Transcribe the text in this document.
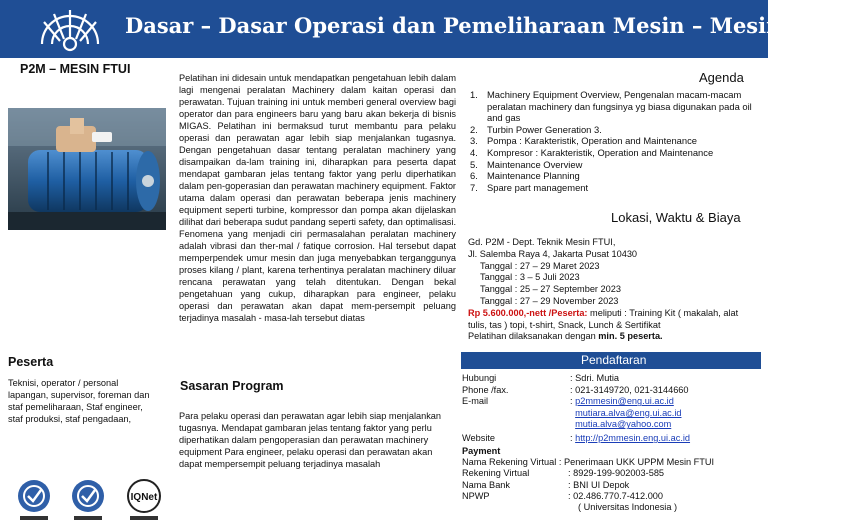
Dasar – Dasar Operasi dan Pemeliharaan Mesin – Mesin Rotasi
P2M – MESIN FTUI
Pelatihan ini didesain untuk mendapatkan pengetahuan lebih dalam lagi mengenai peralatan Machinery dalam kaitan operasi dan perawatan. Tujuan training ini untuk memberi general overview bagi operator dan para engineers baru yang baru akan bekerja di bisnis MIGAS. Pelatihan ini bermaksud turut membantu para pelaku operasi dan perawatan agar lebih siap menjalankan tugasnya. Dengan pengetahuan dasar tentang peralatan machinery yang disampaikan da-lam training ini, diharapkan para peserta dapat mendapat gambaran jelas tentang faktor yang perlu diperhatikan dalam pen-goperasian dan perawatan machinery equipment. Faktor utama dalam operasi dan perawatan beberapa jenis machinery equipment seperti turbine, kompressor dan pompa akan dijelaskan dilihat dari beberapa sudut pandang seperti safety, dan optimalisasi. Fenomena yang menjadi ciri permasalahan peralatan machinery adalah vibrasi dan ther-mal / fatique corrosion. Hal tersebut dapat memperpendek umur mesin dan juga menyebabkan terganggunya proses kilang / plant, karena terhentinya peralatan machinery diluar rencana perawatan yang telah ditentukan. Dengan bekal pengetahuan yang cukup, diharapkan para engineer, pelaku operasi dan perawatan akan dapat mem-persempit peluang terjadinya masalah - masa-lah tersebut diatas
Peserta
Teknisi, operator / personal lapangan, supervisor, foreman dan staf pemeliharaan, Staf engineer, staf produksi, staf pengadaan,
Sasaran Program
Para pelaku operasi dan perawatan agar lebih siap menjalankan tugasnya. Mendapat gambaran jelas tentang faktor yang perlu diperhatikan dalam pengoperasian dan perawatan machinery equipment Para engineer, pelaku operasi dan perawatan akan dapat mempersempit peluang terjadinya masalah
IQNet
Agenda
1. Machinery Equipment Overview, Pengenalan macam-macam peralatan machinery dan fungsinya yg biasa digunakan pada oil and gas
2. Turbin Power Generation 3.
3. Pompa : Karakteristik, Operation and Maintenance
4. Kompresor : Karakteristik, Operation and Maintenance
5. Maintenance Overview
6. Maintenance Planning
7. Spare part management
Lokasi, Waktu & Biaya
Gd. P2M - Dept. Teknik Mesin FTUI,
Jl. Salemba Raya 4, Jakarta Pusat 10430
Tanggal : 27 – 29 Maret 2023
Tanggal : 3 – 5 Juli 2023
Tanggal : 25 – 27 September 2023
Tanggal : 27 – 29 November 2023
Rp 5.600.000,-nett /Peserta: meliputi : Training Kit ( makalah, alat tulis, tas ) topi, t-shirt, Snack, Lunch & Sertifikat
Pelatihan dilaksanakan dengan min. 5 peserta.
Pendaftaran
Hubungi	: Sdri. Mutia
Phone /fax.	: 021-3149720, 021-3144660
E-mail	: p2mmesin@eng.ui.ac.id
mutiara.alva@eng.ui.ac.id
mutia.alva@yahoo.com
Website	: http://p2mmesin.eng.ui.ac.id
Payment
Nama Rekening Virtual : Penerimaan UKK UPPM Mesin FTUI
Rekening Virtual	: 8929-199-902003-585
Nama Bank	: BNI UI Depok
NPWP	: 02.486.770.7-412.000
( Universitas Indonesia )
